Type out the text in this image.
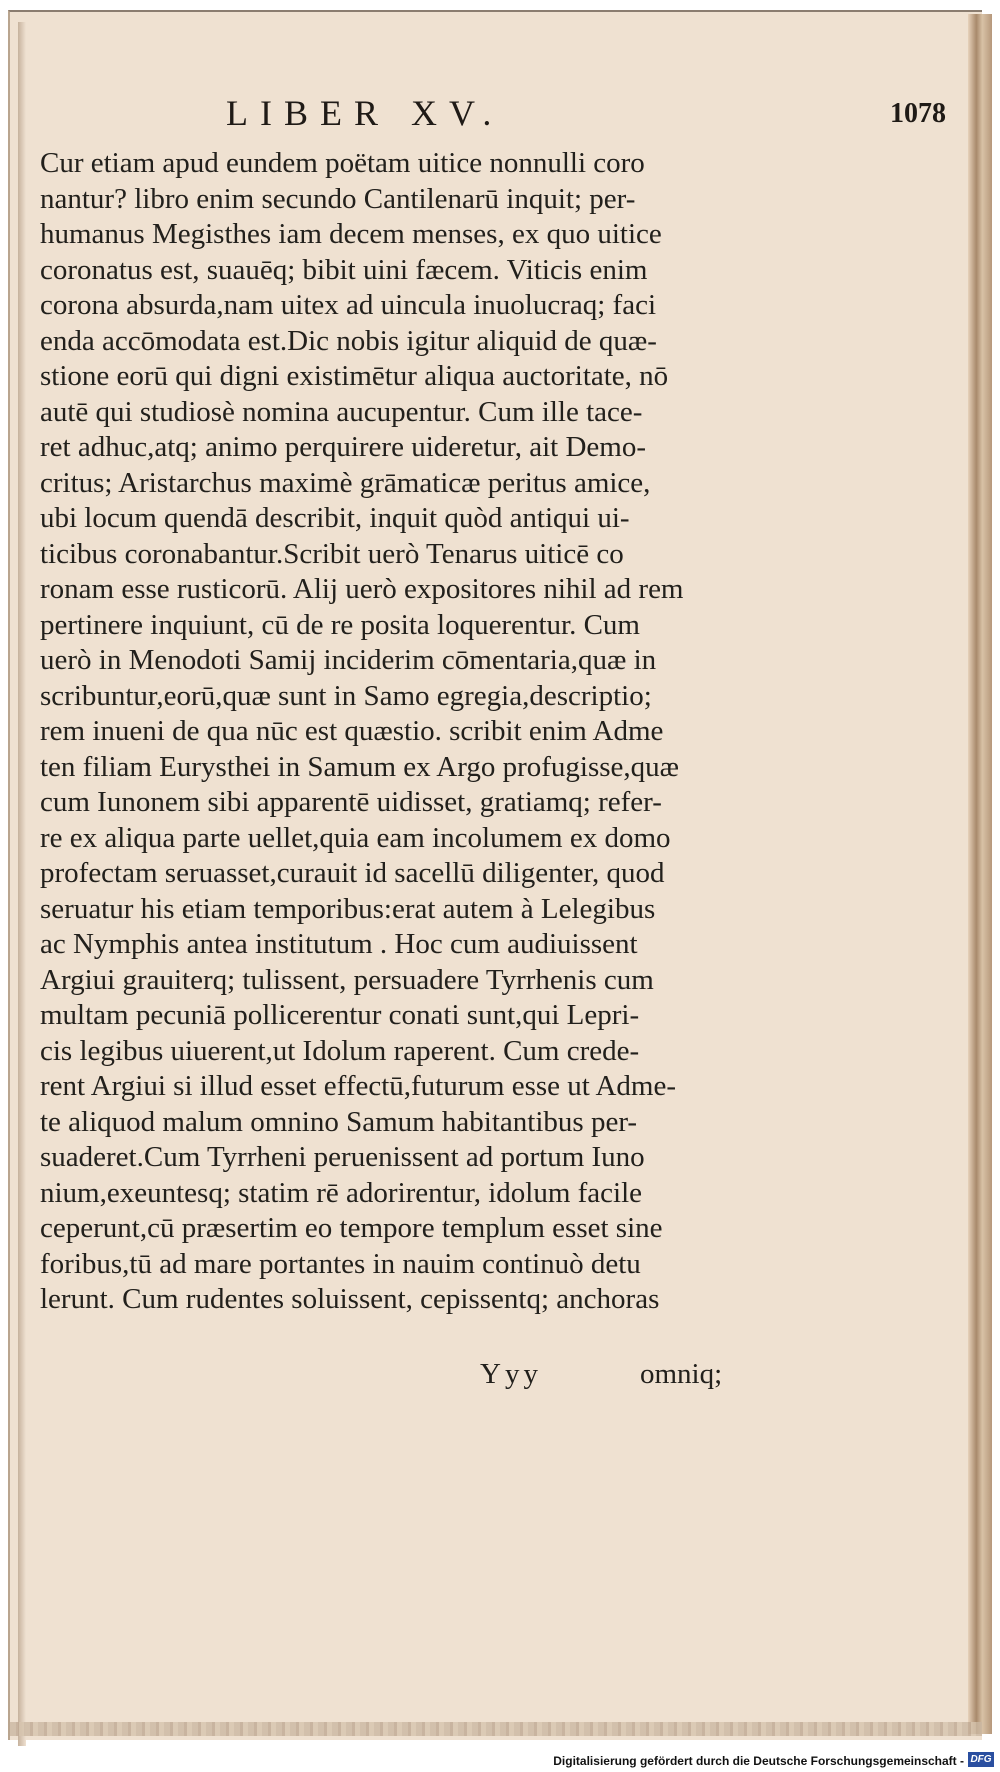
LIBER XV.	1078
Cur etiam apud eundem poëtam uitice nonnulli coro
nantur? libro enim secundo Cantilenarū inquit; per-
humanus Megisthes iam decem menses, ex quo uitice
coronatus est, suauēq; bibit uini fæcem. Viticis enim
corona absurda,nam uitex ad uincula inuolucraq; faci
enda accōmodata est.Dic nobis igitur aliquid de quæ-
stione eorū qui digni existimētur aliqua auctoritate, nō
autē qui studiosè nomina aucupentur. Cum ille tace-
ret adhuc,atq; animo perquirere uideretur, ait Demo-
critus; Aristarchus maximè grāmaticæ peritus amice,
ubi locum quendā describit, inquit quòd antiqui ui-
ticibus coronabantur.Scribit uerò Tenarus uiticē co
ronam esse rusticorū. Alij uerò expositores nihil ad rem
pertinere inquiunt, cū de re posita loquerentur. Cum
uerò in Menodoti Samij inciderim cōmentaria,quæ in
scribuntur,eorū,quæ sunt in Samo egregia,descriptio;
rem inueni de qua nūc est quæstio. scribit enim Adme
ten filiam Eurysthei in Samum ex Argo profugisse,quæ
cum Iunonem sibi apparentē uidisset, gratiamq; refer-
re ex aliqua parte uellet,quia eam incolumem ex domo
profectam seruasset,curauit id sacellū diligenter, quod
seruatur his etiam temporibus:erat autem à Lelegibus
ac Nymphis antea institutum . Hoc cum audiuissent
Argiui grauiterq; tulissent, persuadere Tyrrhenis cum
multam pecuniā pollicerentur conati sunt,qui Lepri-
cis legibus uiuerent,ut Idolum raperent. Cum crede-
rent Argiui si illud esset effectū,futurum esse ut Adme-
te aliquod malum omnino Samum habitantibus per-
suaderet.Cum Tyrrheni peruenissent ad portum Iuno
nium,exeuntesq; statim rē adorirentur, idolum facile
ceperunt,cū præsertim eo tempore templum esset sine
foribus,tū ad mare portantes in nauim continuò detu
lerunt. Cum rudentes soluissent, cepissentq; anchoras
Yyy	omniq;
Digitalisierung gefördert durch die Deutsche Forschungsgemeinschaft - DFG
